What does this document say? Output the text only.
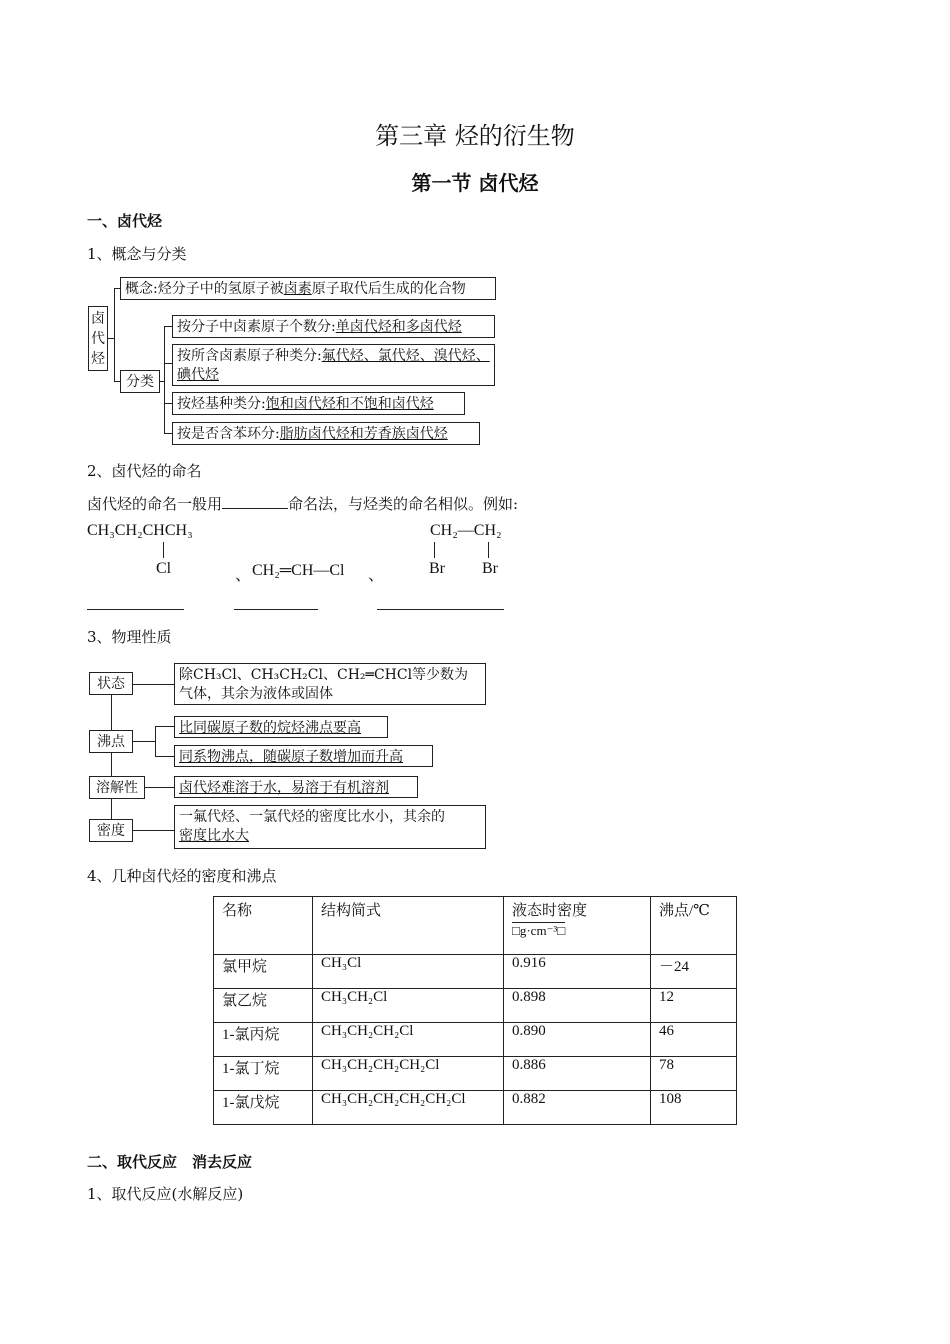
第三章 烃的衍生物
第一节 卤代烃
一、卤代烃
1、概念与分类
卤代烃
概念:烃分子中的氢原子被卤素原子取代后生成的化合物
分类
按分子中卤素原子个数分:单卤代烃和多卤代烃
按所含卤素原子种类分:氟代烃、氯代烃、溴代烃、碘代烃
按烃基种类分:饱和卤代烃和不饱和卤代烃
按是否含苯环分:脂肪卤代烃和芳香族卤代烃
2、卤代烃的命名
卤代烃的命名一般用	命名法，与烃类的命名相似。例如:
CH₃CH₂CHCH₃
Cl	、 CH₂═CH—Cl 、
CH₂—CH₂
Br Br
3、物理性质
状态
沸点
溶解性
密度
除CH₃Cl、CH₃CH₂Cl、CH₂═CHCl等少数为
气体，其余为液体或固体
比同碳原子数的烷烃沸点要高
同系物沸点，随碳原子数增加而升高
卤代烃难溶于水，易溶于有机溶剂
一氟代烃、一氯代烃的密度比水小，其余的
密度比水大
4、几种卤代烃的密度和沸点
名称	结构简式	液态时密度
□g·cm⁻³□	沸点/℃
氯甲烷	CH₃Cl	0.916	－24
氯乙烷	CH₃CH₂Cl	0.898	12
1-氯丙烷	CH₃CH₂CH₂Cl	0.890	46
1-氯丁烷	CH₃CH₂CH₂CH₂Cl	0.886	78
1-氯戊烷	CH₃CH₂CH₂CH₂CH₂Cl	0.882	108
二、取代反应　消去反应
1、取代反应(水解反应)
